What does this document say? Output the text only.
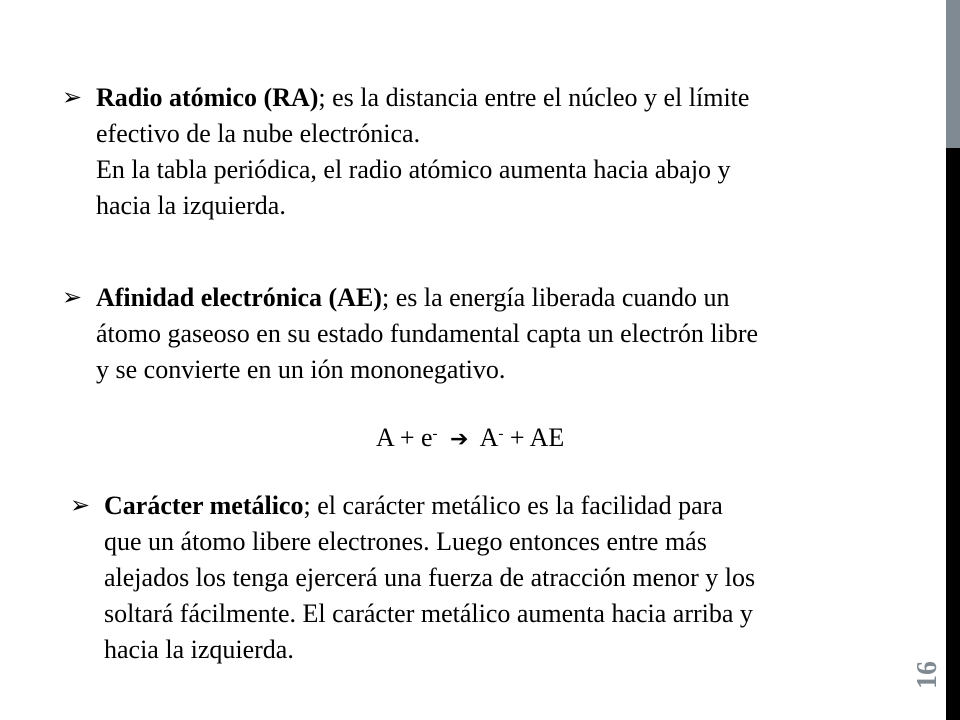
16
➢ Radio atómico (RA); es la distancia entre el núcleo y el límite
efectivo de la nube electrónica.
En la tabla periódica, el radio atómico aumenta hacia abajo y
hacia la izquierda.
➢ Afinidad electrónica (AE); es la energía liberada cuando un
átomo gaseoso en su estado fundamental capta un electrón libre
y se convierte en un ión mononegativo.
A + e- ➔ A- + AE
➢ Carácter metálico; el carácter metálico es la facilidad para
que un átomo libere electrones. Luego entonces entre más
alejados los tenga ejercerá una fuerza de atracción menor y los
soltará fácilmente. El carácter metálico aumenta hacia arriba y
hacia la izquierda.
